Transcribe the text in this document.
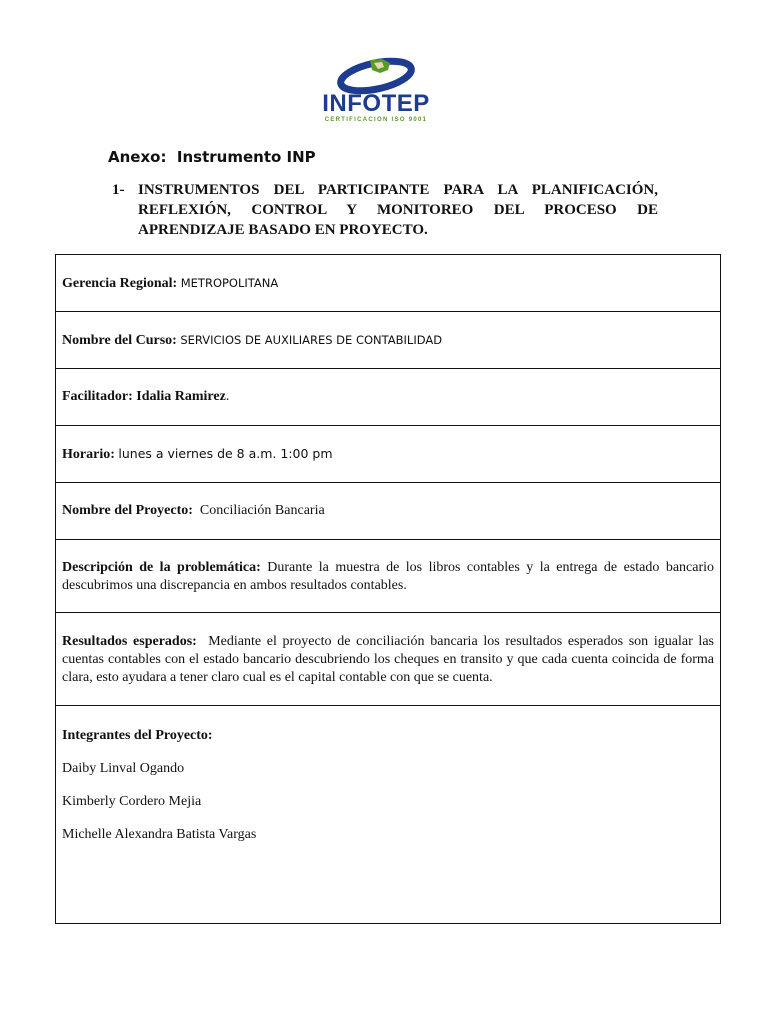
INFOTEP
CERTIFICACION ISO 9001
Anexo: Instrumento INP
1- INSTRUMENTOS DEL PARTICIPANTE PARA LA PLANIFICACIÓN, REFLEXIÓN, CONTROL Y MONITOREO DEL PROCESO DE APRENDIZAJE BASADO EN PROYECTO.
Gerencia Regional: METROPOLITANA
Nombre del Curso: SERVICIOS DE AUXILIARES DE CONTABILIDAD
Facilitador: Idalia Ramirez.
Horario: lunes a viernes de 8 a.m. 1:00 pm
Nombre del Proyecto: Conciliación Bancaria
Descripción de la problemática: Durante la muestra de los libros contables y la entrega de estado bancario descubrimos una discrepancia en ambos resultados contables.
Resultados esperados: Mediante el proyecto de conciliación bancaria los resultados esperados son igualar las cuentas contables con el estado bancario descubriendo los cheques en transito y que cada cuenta coincida de forma clara, esto ayudara a tener claro cual es el capital contable con que se cuenta.

Integrantes del Proyecto:

Daiby Linval Ogando

Kimberly Cordero Mejia

Michelle Alexandra Batista Vargas
